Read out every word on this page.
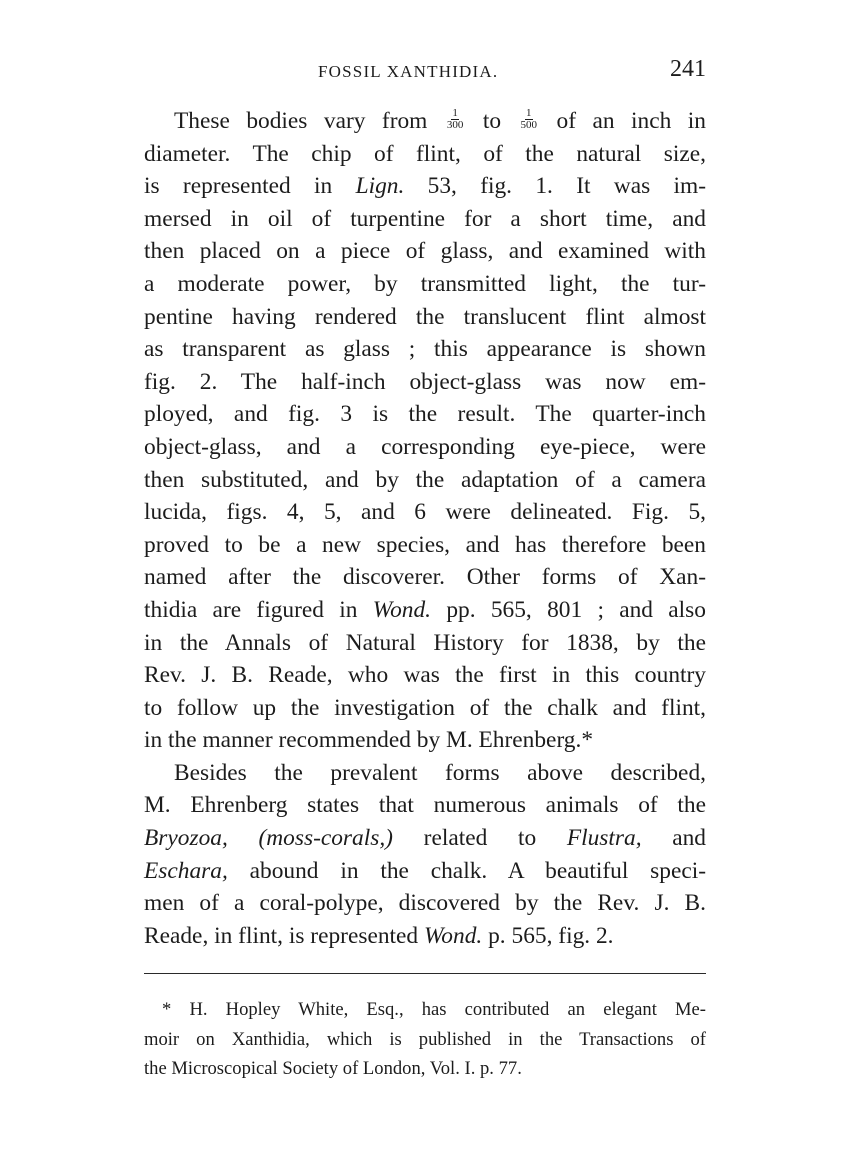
FOSSIL XANTHIDIA.	241
These bodies vary from $\frac{1}{300}$ to $\frac{1}{500}$ of an inch in
diameter. The chip of flint, of the natural size,
is represented in Lign. 53, fig. 1. It was im-
mersed in oil of turpentine for a short time, and
then placed on a piece of glass, and examined with
a moderate power, by transmitted light, the tur-
pentine having rendered the translucent flint almost
as transparent as glass ; this appearance is shown
fig. 2. The half-inch object-glass was now em-
ployed, and fig. 3 is the result. The quarter-inch
object-glass, and a corresponding eye-piece, were
then substituted, and by the adaptation of a camera
lucida, figs. 4, 5, and 6 were delineated. Fig. 5,
proved to be a new species, and has therefore been
named after the discoverer. Other forms of Xan-
thidia are figured in Wond. pp. 565, 801 ; and also
in the Annals of Natural History for 1838, by the
Rev. J. B. Reade, who was the first in this country
to follow up the investigation of the chalk and flint,
in the manner recommended by M. Ehrenberg.*
Besides the prevalent forms above described,
M. Ehrenberg states that numerous animals of the
Bryozoa, (moss-corals,) related to Flustra, and
Eschara, abound in the chalk. A beautiful speci-
men of a coral-polype, discovered by the Rev. J. B.
Reade, in flint, is represented Wond. p. 565, fig. 2.
* H. Hopley White, Esq., has contributed an elegant Me-
moir on Xanthidia, which is published in the Transactions of
the Microscopical Society of London, Vol. I. p. 77.
